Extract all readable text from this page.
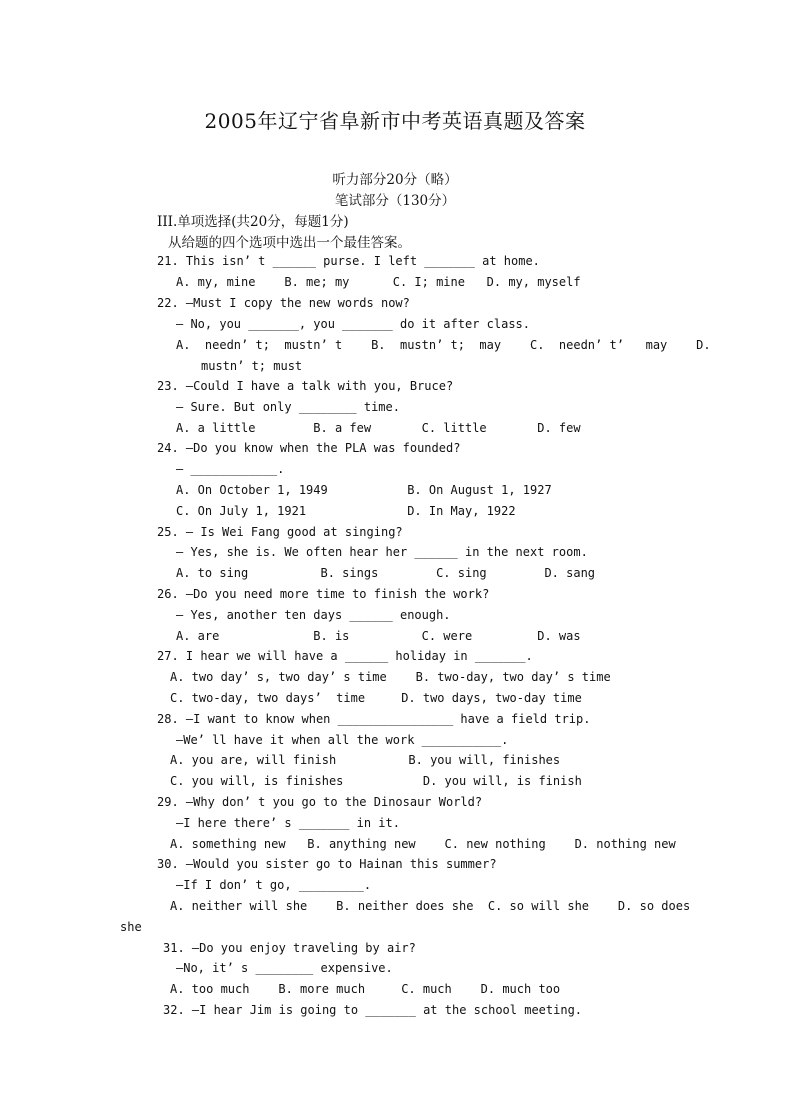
2005年辽宁省阜新市中考英语真题及答案
听力部分20分（略）
笔试部分（130分）
III.单项选择(共20分，每题1分)
从给题的四个选项中选出一个最佳答案。
21. This isn’ t ______ purse. I left _______ at home.
A. my, mine    B. me; my      C. I; mine   D. my, myself
22. —Must I copy the new words now?
— No, you _______, you _______ do it after class.
A.  needn’ t;  mustn’ t    B.  mustn’ t;  may    C.  needn’ t’   may    D.
mustn’ t; must
23. —Could I have a talk with you, Bruce?
— Sure. But only ________ time.
A. a little        B. a few       C. little       D. few
24. —Do you know when the PLA was founded?
— ____________.
A. On October 1, 1949           B. On August 1, 1927
C. On July 1, 1921              D. In May, 1922
25. — Is Wei Fang good at singing?
— Yes, she is. We often hear her ______ in the next room.
A. to sing          B. sings        C. sing        D. sang
26. —Do you need more time to finish the work?
— Yes, another ten days ______ enough.
A. are             B. is          C. were         D. was
27. I hear we will have a ______ holiday in _______.
A. two day’ s, two day’ s time    B. two-day, two day’ s time
C. two-day, two days’  time     D. two days, two-day time
28. —I want to know when ________________ have a field trip.
—We’ ll have it when all the work ___________.
A. you are, will finish          B. you will, finishes
C. you will, is finishes           D. you will, is finish
29. —Why don’ t you go to the Dinosaur World?
—I here there’ s _______ in it.
A. something new   B. anything new    C. new nothing    D. nothing new
30. —Would you sister go to Hainan this summer?
—If I don’ t go, _________.
A. neither will she    B. neither does she  C. so will she    D. so does
she
31. —Do you enjoy traveling by air?
—No, it’ s ________ expensive.
A. too much    B. more much     C. much    D. much too
32. —I hear Jim is going to _______ at the school meeting.
